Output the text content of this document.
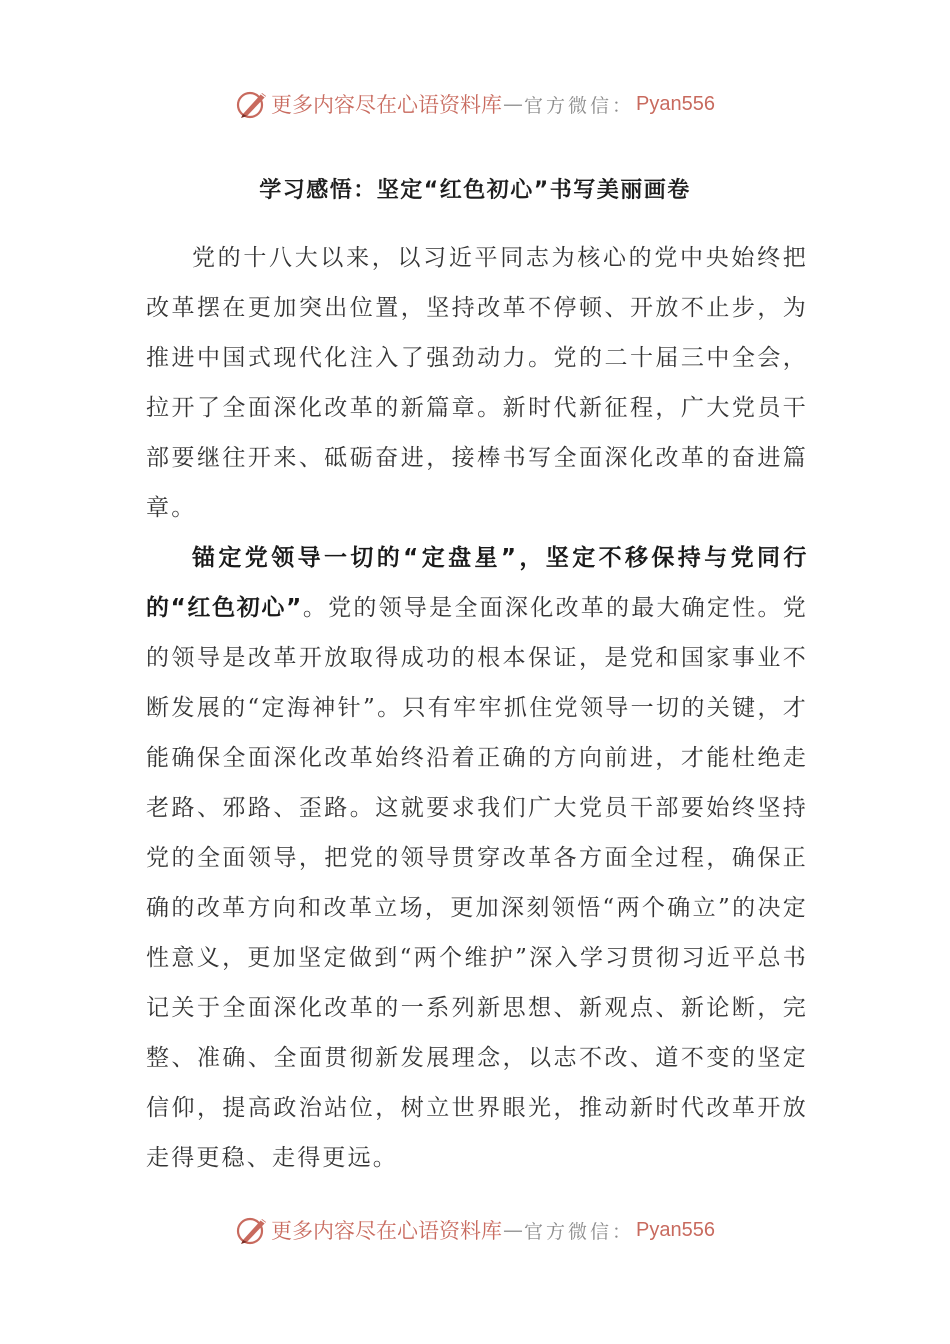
更多内容尽在心语资料库 — 官方微信： Pyan556
学习感悟：坚定“红色初心”书写美丽画卷

党的十八大以来，以习近平同志为核心的党中央始终把改革摆在更加突出位置，坚持改革不停顿、开放不止步，为推进中国式现代化注入了强劲动力。党的二十届三中全会，拉开了全面深化改革的新篇章。新时代新征程，广大党员干部要继往开来、砥砺奋进，接棒书写全面深化改革的奋进篇章。

锚定党领导一切的“定盘星”，坚定不移保持与党同行的“红色初心”。党的领导是全面深化改革的最大确定性。党的领导是改革开放取得成功的根本保证，是党和国家事业不断发展的“定海神针”。只有牢牢抓住党领导一切的关键，才能确保全面深化改革始终沿着正确的方向前进，才能杜绝走老路、邪路、歪路。这就要求我们广大党员干部要始终坚持党的全面领导，把党的领导贯穿改革各方面全过程，确保正确的改革方向和改革立场，更加深刻领悟“两个确立”的决定性意义，更加坚定做到“两个维护”深入学习贯彻习近平总书记关于全面深化改革的一系列新思想、新观点、新论断，完整、准确、全面贯彻新发展理念，以志不改、道不变的坚定信仰，提高政治站位，树立世界眼光，推动新时代改革开放走得更稳、走得更远。

更多内容尽在心语资料库 — 官方微信： Pyan556
